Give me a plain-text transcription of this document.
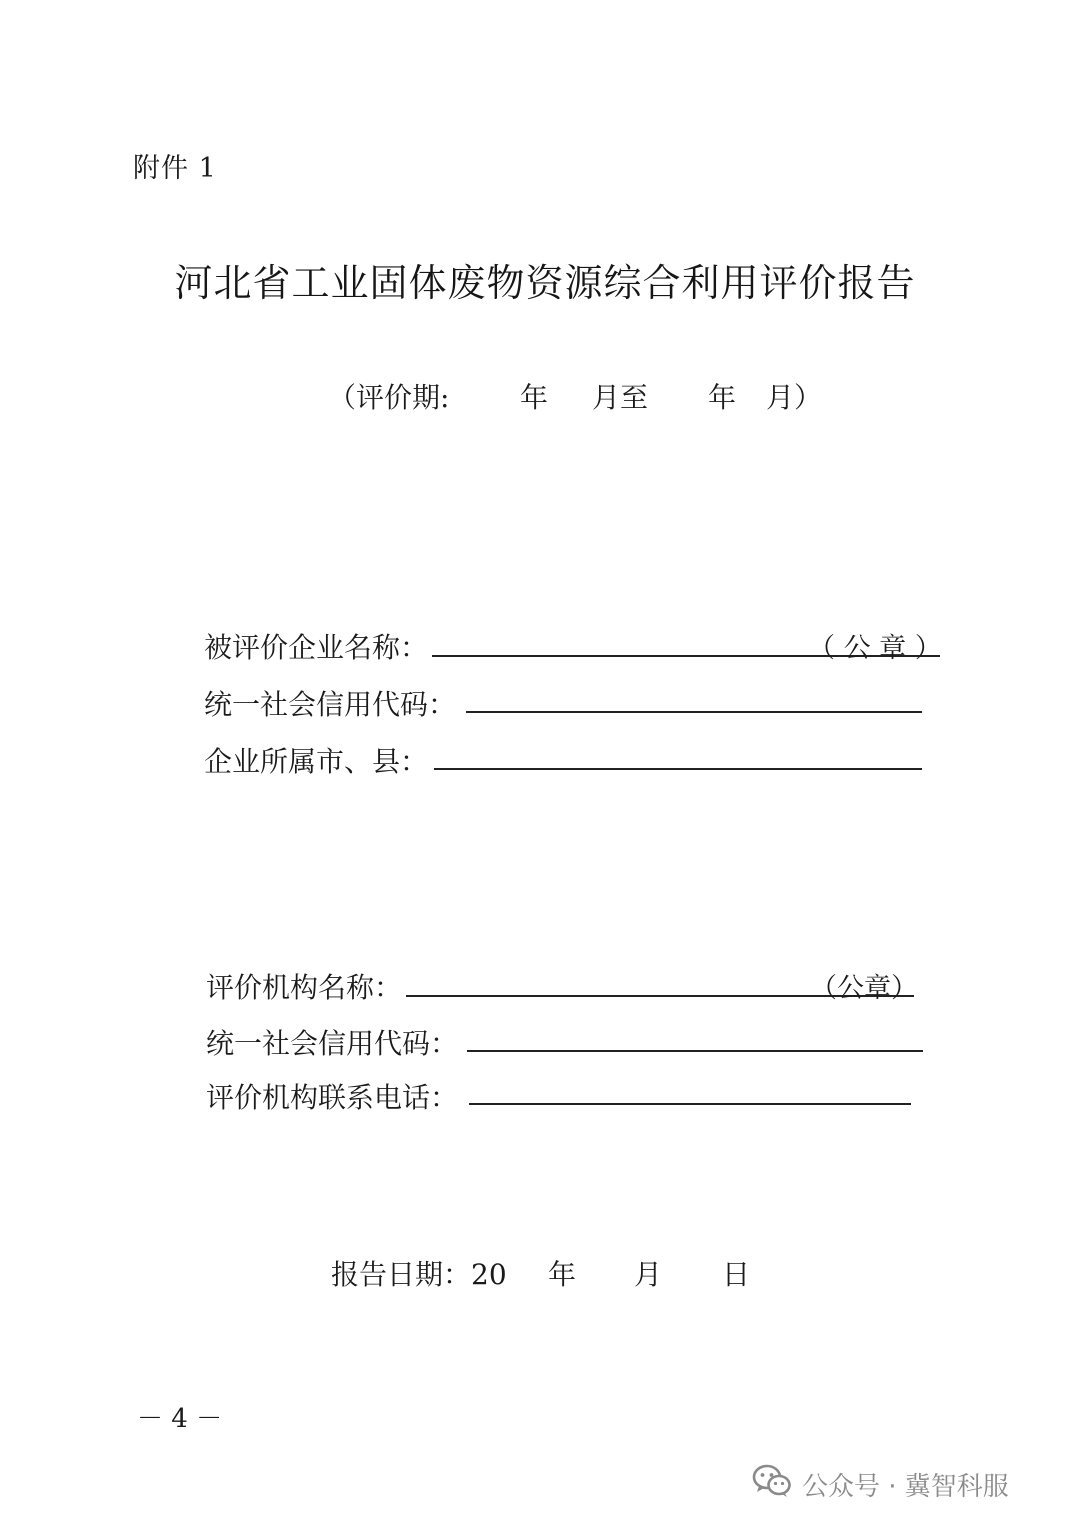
附件 1
河北省工业固体废物资源综合利用评价报告
（评价期:	年 月至 年 月）
被评价企业名称：	（ 公 章 ）
统一社会信用代码：
企业所属市、县：
评价机构名称：	（公章）
统一社会信用代码：
评价机构联系电话：
报告日期：20 年 月 日
－ 4 －
公众号 · 冀智科服
